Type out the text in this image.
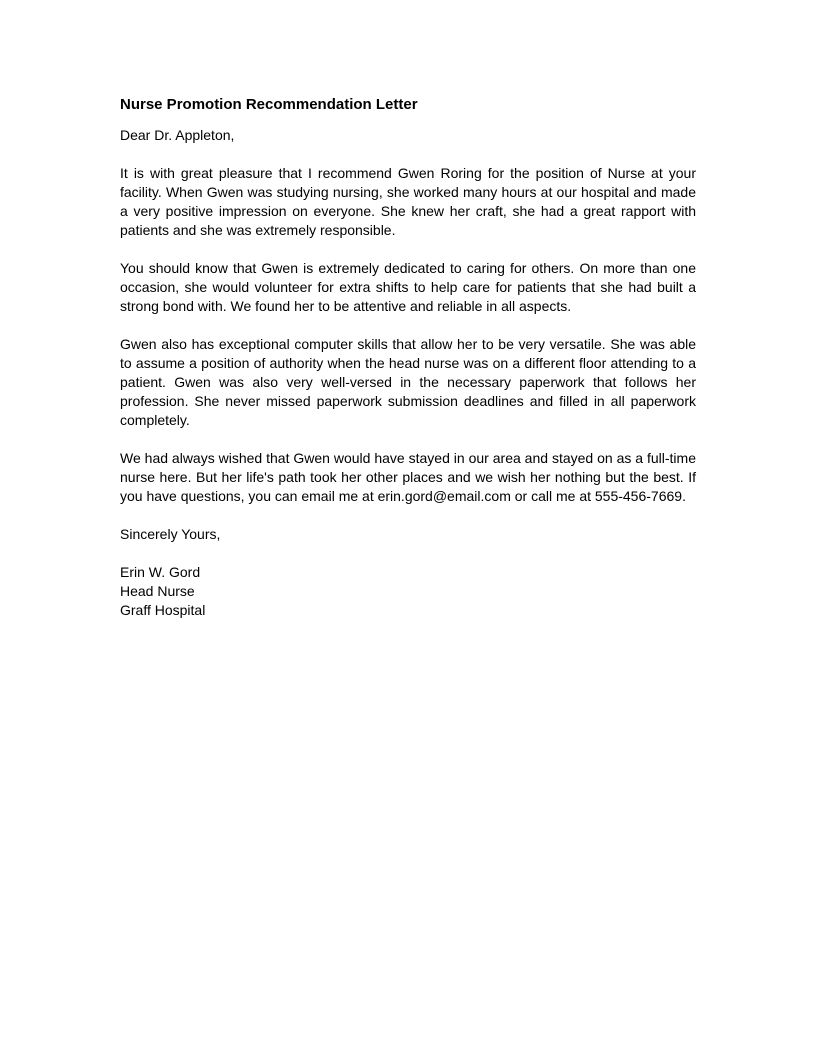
Nurse Promotion Recommendation Letter

Dear Dr. Appleton,

It is with great pleasure that I recommend Gwen Roring for the position of Nurse at your facility. When Gwen was studying nursing, she worked many hours at our hospital and made a very positive impression on everyone. She knew her craft, she had a great rapport with patients and she was extremely responsible.

You should know that Gwen is extremely dedicated to caring for others. On more than one occasion, she would volunteer for extra shifts to help care for patients that she had built a strong bond with. We found her to be attentive and reliable in all aspects.

Gwen also has exceptional computer skills that allow her to be very versatile. She was able to assume a position of authority when the head nurse was on a different floor attending to a patient. Gwen was also very well-versed in the necessary paperwork that follows her profession. She never missed paperwork submission deadlines and filled in all paperwork completely.

We had always wished that Gwen would have stayed in our area and stayed on as a full-time nurse here. But her life's path took her other places and we wish her nothing but the best. If you have questions, you can email me at erin.gord@email.com or call me at 555-456-7669.

Sincerely Yours,

Erin W. Gord

Head Nurse

Graff Hospital
